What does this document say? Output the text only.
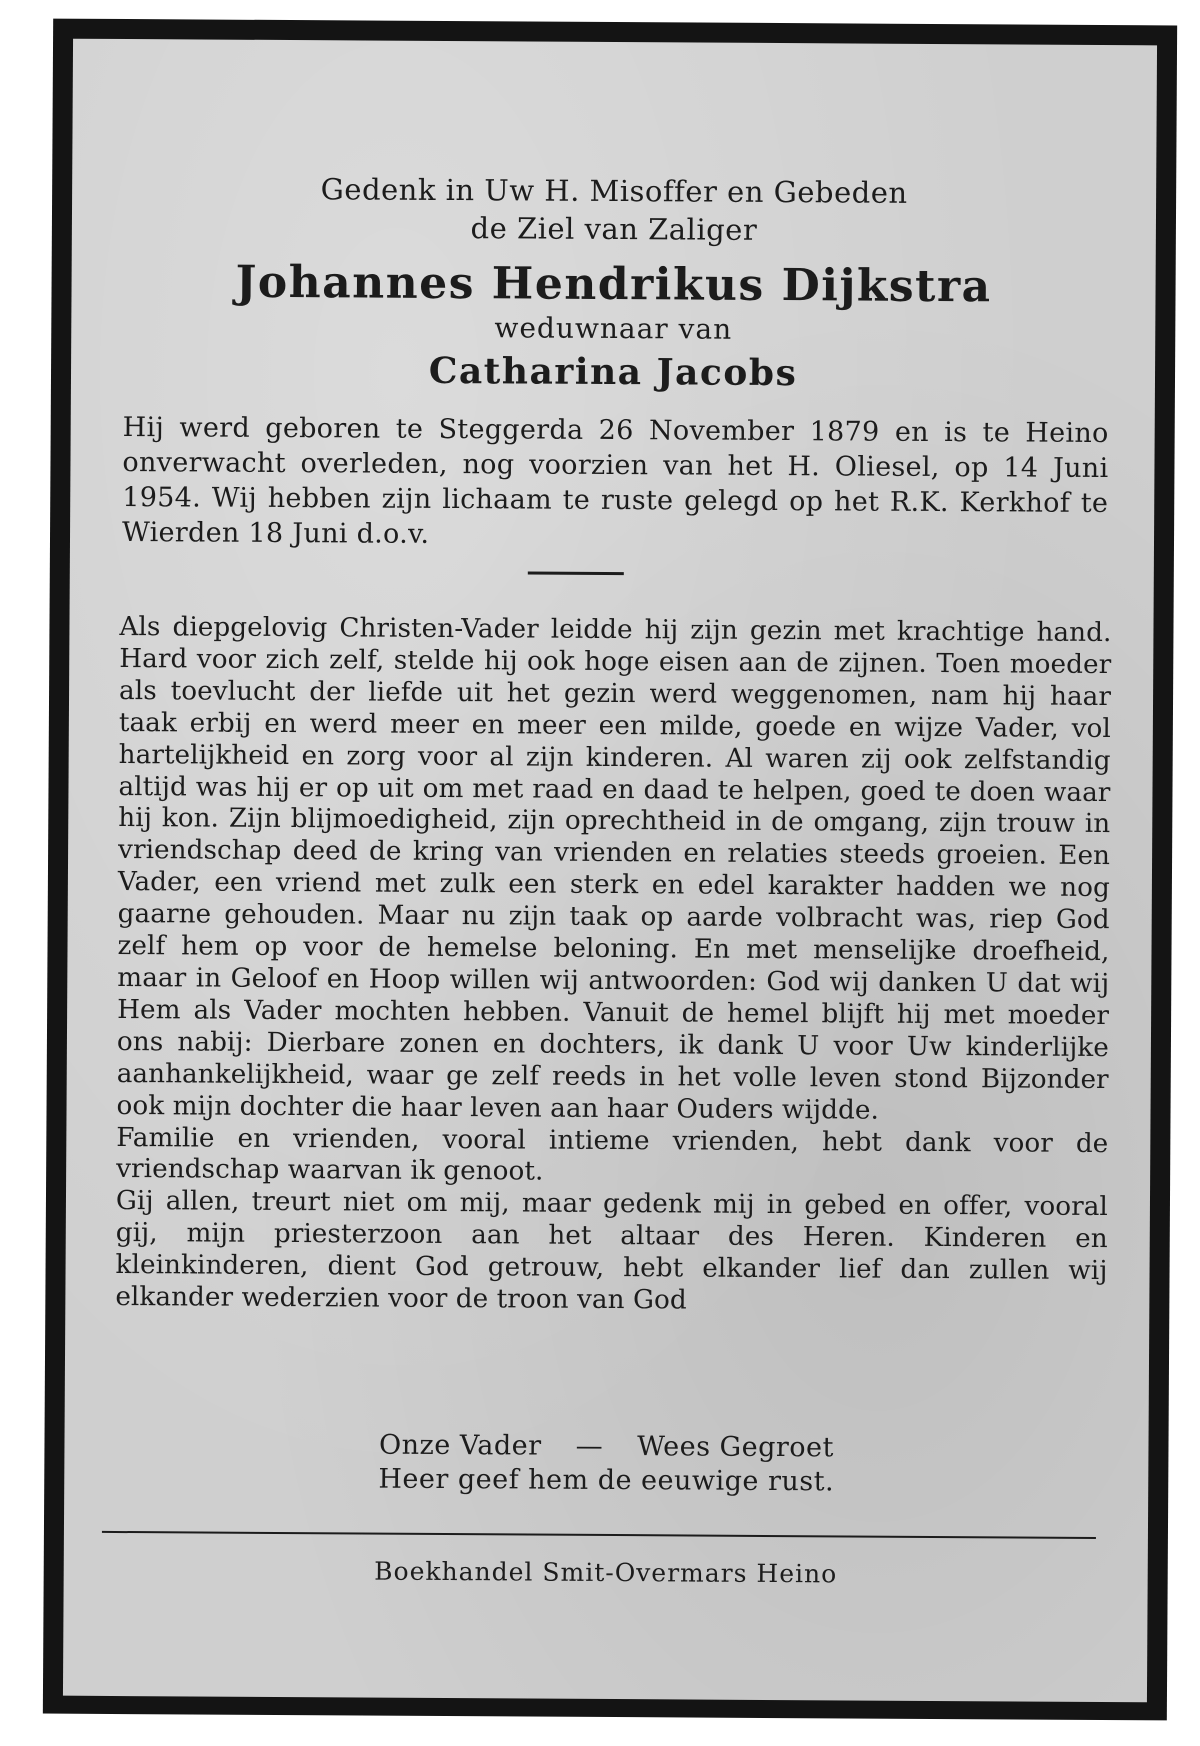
Gedenk in Uw H. Misoffer en Gebeden
de Ziel van Zaliger
Johannes Hendrikus Dijkstra
weduwnaar van
Catharina Jacobs
Hij werd geboren te Steggerda 26 November 1879 en is te Heino onverwacht overleden, nog voorzien van het H. Oliesel, op 14 Juni 1954. Wij hebben zijn lichaam te ruste gelegd op het R.K. Kerkhof te Wierden 18 Juni d.o.v.

Als diepgelovig Christen-Vader leidde hij zijn gezin met krachtige hand. Hard voor zich zelf, stelde hij ook hoge eisen aan de zijnen. Toen moeder als toevlucht der liefde uit het gezin werd weggenomen, nam hij haar taak erbij en werd meer en meer een milde, goede en wijze Vader, vol hartelijkheid en zorg voor al zijn kinderen. Al waren zij ook zelfstandig altijd was hij er op uit om met raad en daad te helpen, goed te doen waar hij kon. Zijn blijmoedigheid, zijn oprechtheid in de omgang, zijn trouw in vriendschap deed de kring van vrienden en relaties steeds groeien. Een Vader, een vriend met zulk een sterk en edel karakter hadden we nog gaarne gehouden. Maar nu zijn taak op aarde volbracht was, riep God zelf hem op voor de hemelse beloning. En met menselijke droefheid, maar in Geloof en Hoop willen wij antwoorden: God wij danken U dat wij Hem als Vader mochten hebben. Vanuit de hemel blijft hij met moeder ons nabij: Dierbare zonen en dochters, ik dank U voor Uw kinderlijke aanhankelijkheid, waar ge zelf reeds in het volle leven stond Bijzonder ook mijn dochter die haar leven aan haar Ouders wijdde.

Familie en vrienden, vooral intieme vrienden, hebt dank voor de vriendschap waarvan ik genoot.

Gij allen, treurt niet om mij, maar gedenk mij in gebed en offer, vooral gij, mijn priesterzoon aan het altaar des Heren. Kinderen en kleinkinderen, dient God getrouw, hebt elkander lief dan zullen wij elkander wederzien voor de troon van God

Onze Vader — Wees Gegroet
Heer geef hem de eeuwige rust.
Boekhandel Smit-Overmars Heino
